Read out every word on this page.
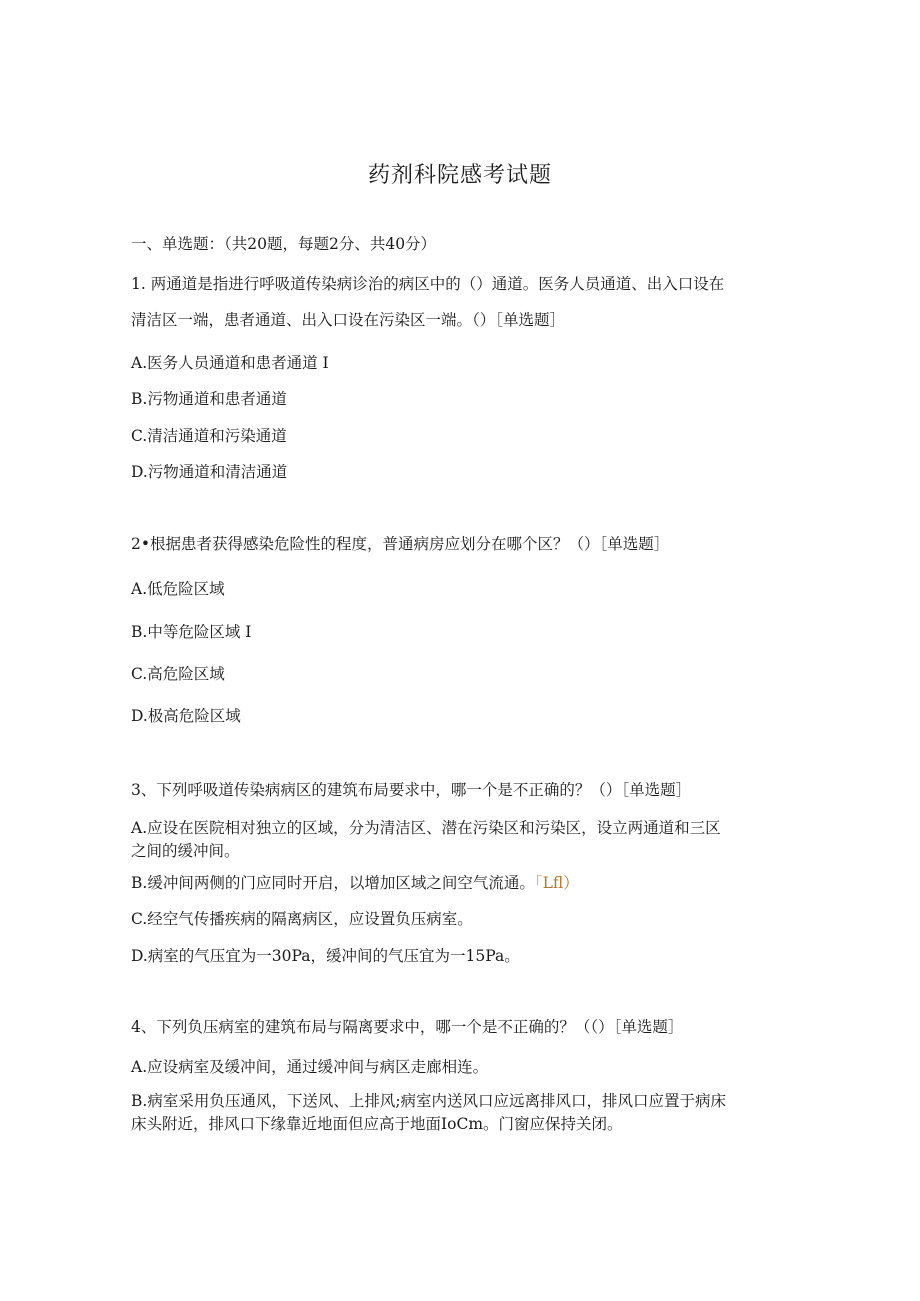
药剂科院感考试题
一、单选题：（共20题，每题2分、共40分）
1. 两通道是指进行呼吸道传染病诊治的病区中的（）通道。医务人员通道、出入口设在
清洁区一端，患者通道、出入口设在污染区一端。（）［单选题］
A.医务人员通道和患者通道 I
B.污物通道和患者通道
C.清洁通道和污染通道
D.污物通道和清洁通道
2•根据患者获得感染危险性的程度，普通病房应划分在哪个区？（）［单选题］
A.低危险区域
B.中等危险区域 I
C.高危险区域
D.极高危险区域
3、下列呼吸道传染病病区的建筑布局要求中，哪一个是不正确的？（）［单选题］
A.应设在医院相对独立的区域，分为清洁区、潜在污染区和污染区，设立两通道和三区
之间的缓冲间。
B.缓冲间两侧的门应同时开启，以增加区域之间空气流通。「Lfl）
C.经空气传播疾病的隔离病区，应设置负压病室。
D.病室的气压宜为一30Pa，缓冲间的气压宜为一15Pa。
4、下列负压病室的建筑布局与隔离要求中，哪一个是不正确的？（（）［单选题］
A.应设病室及缓冲间，通过缓冲间与病区走廊相连。
B.病室采用负压通风，下送风、上排风;病室内送风口应远离排风口，排风口应置于病床
床头附近，排风口下缘靠近地面但应高于地面IoCm。门窗应保持关闭。
